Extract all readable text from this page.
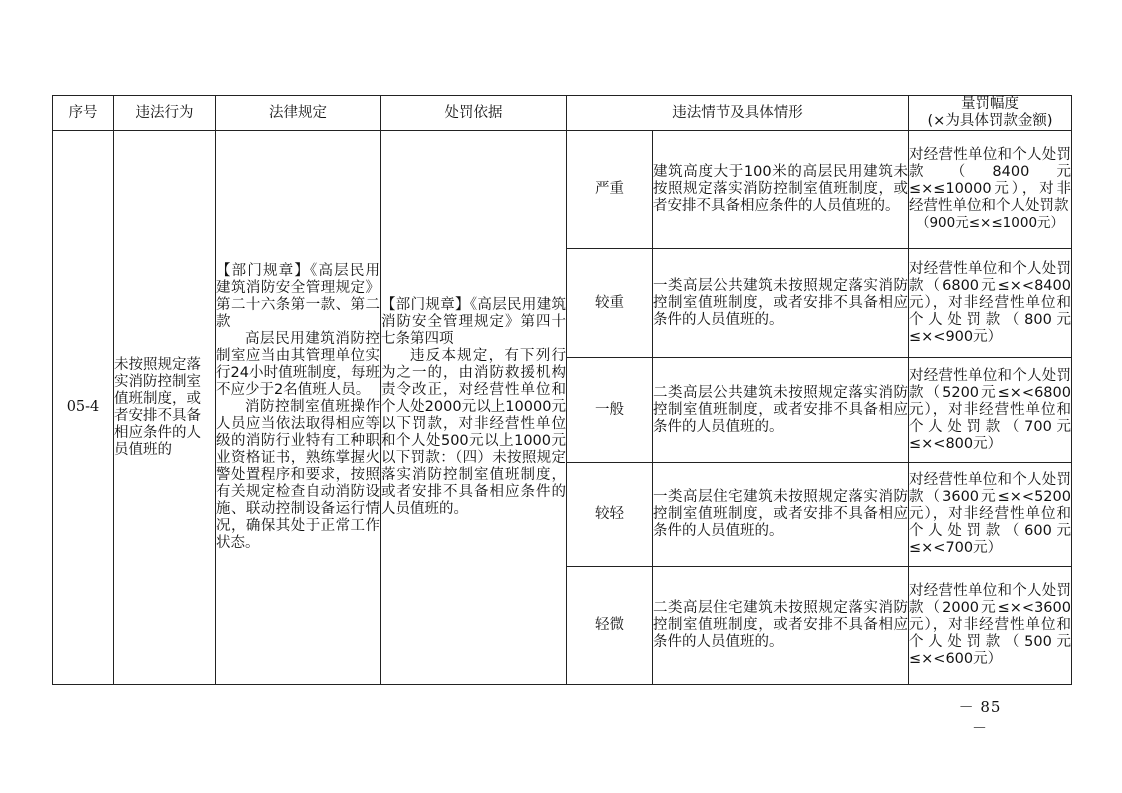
序号	违法行为	法律规定	处罚依据	违法情节及具体情形		量罚幅度
(×为具体罚款金额)

05-4	未按照规定落实消防控制室值班制度，或者安排不具备相应条件的人员值班的	【部门规章】《高层民用建筑消防安全管理规定》第二十六条第一款、第二款
高层民用建筑消防控制室应当由其管理单位实行24小时值班制度，每班不应少于2名值班人员。
消防控制室值班操作人员应当依法取得相应等级的消防行业特有工种职业资格证书，熟练掌握火警处置程序和要求，按照有关规定检查自动消防设施、联动控制设备运行情况，确保其处于正常工作状态。	【部门规章】《高层民用建筑消防安全管理规定》第四十七条第四项
违反本规定，有下列行为之一的，由消防救援机构责令改正，对经营性单位和个人处2000元以上10000元以下罚款，对非经营性单位和个人处500元以上1000元以下罚款：（四）未按照规定落实消防控制室值班制度，或者安排不具备相应条件的人员值班的。	严重	建筑高度大于100米的高层民用建筑未按照规定落实消防控制室值班制度，或者安排不具备相应条件的人员值班的。	对经营性单位和个人处罚款（8400元≤×≤10000元），对非经营性单位和个人处罚款
（900元≤×≤1000元）

				较重	一类高层公共建筑未按照规定落实消防控制室值班制度，或者安排不具备相应条件的人员值班的。	对经营性单位和个人处罚款（6800元≤×<8400元），对非经营性单位和个人处罚款（800元≤×<900元）

				一般	二类高层公共建筑未按照规定落实消防控制室值班制度，或者安排不具备相应条件的人员值班的。	对经营性单位和个人处罚款（5200元≤×<6800元），对非经营性单位和个人处罚款（700元≤×<800元）

				较轻	一类高层住宅建筑未按照规定落实消防控制室值班制度，或者安排不具备相应条件的人员值班的。	对经营性单位和个人处罚款（3600元≤×<5200元），对非经营性单位和个人处罚款（600元≤×<700元）

				轻微	二类高层住宅建筑未按照规定落实消防控制室值班制度，或者安排不具备相应条件的人员值班的。	对经营性单位和个人处罚款（2000元≤×<3600元），对非经营性单位和个人处罚款（500元≤×<600元）
－ 85 －
